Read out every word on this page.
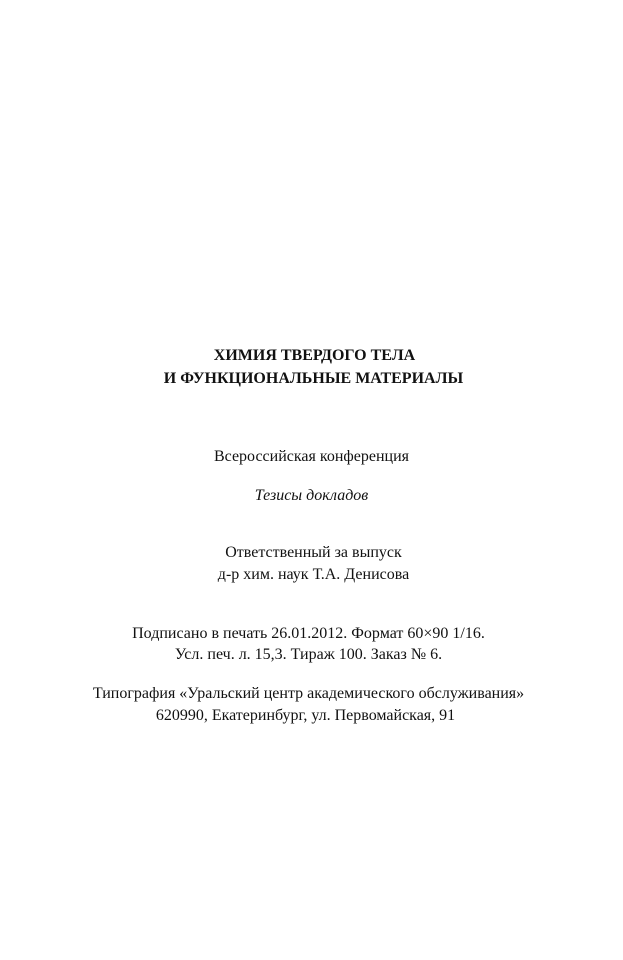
ХИМИЯ ТВЕРДОГО ТЕЛА
И ФУНКЦИОНАЛЬНЫЕ МАТЕРИАЛЫ
Всероссийская конференция
Тезисы докладов
Ответственный за выпуск
д-р хим. наук Т.А. Денисова
Подписано в печать 26.01.2012. Формат 60×90 1/16.
Усл. печ. л. 15,3. Тираж 100. Заказ № 6.
Типография «Уральский центр академического обслуживания»
620990, Екатеринбург, ул. Первомайская, 91
